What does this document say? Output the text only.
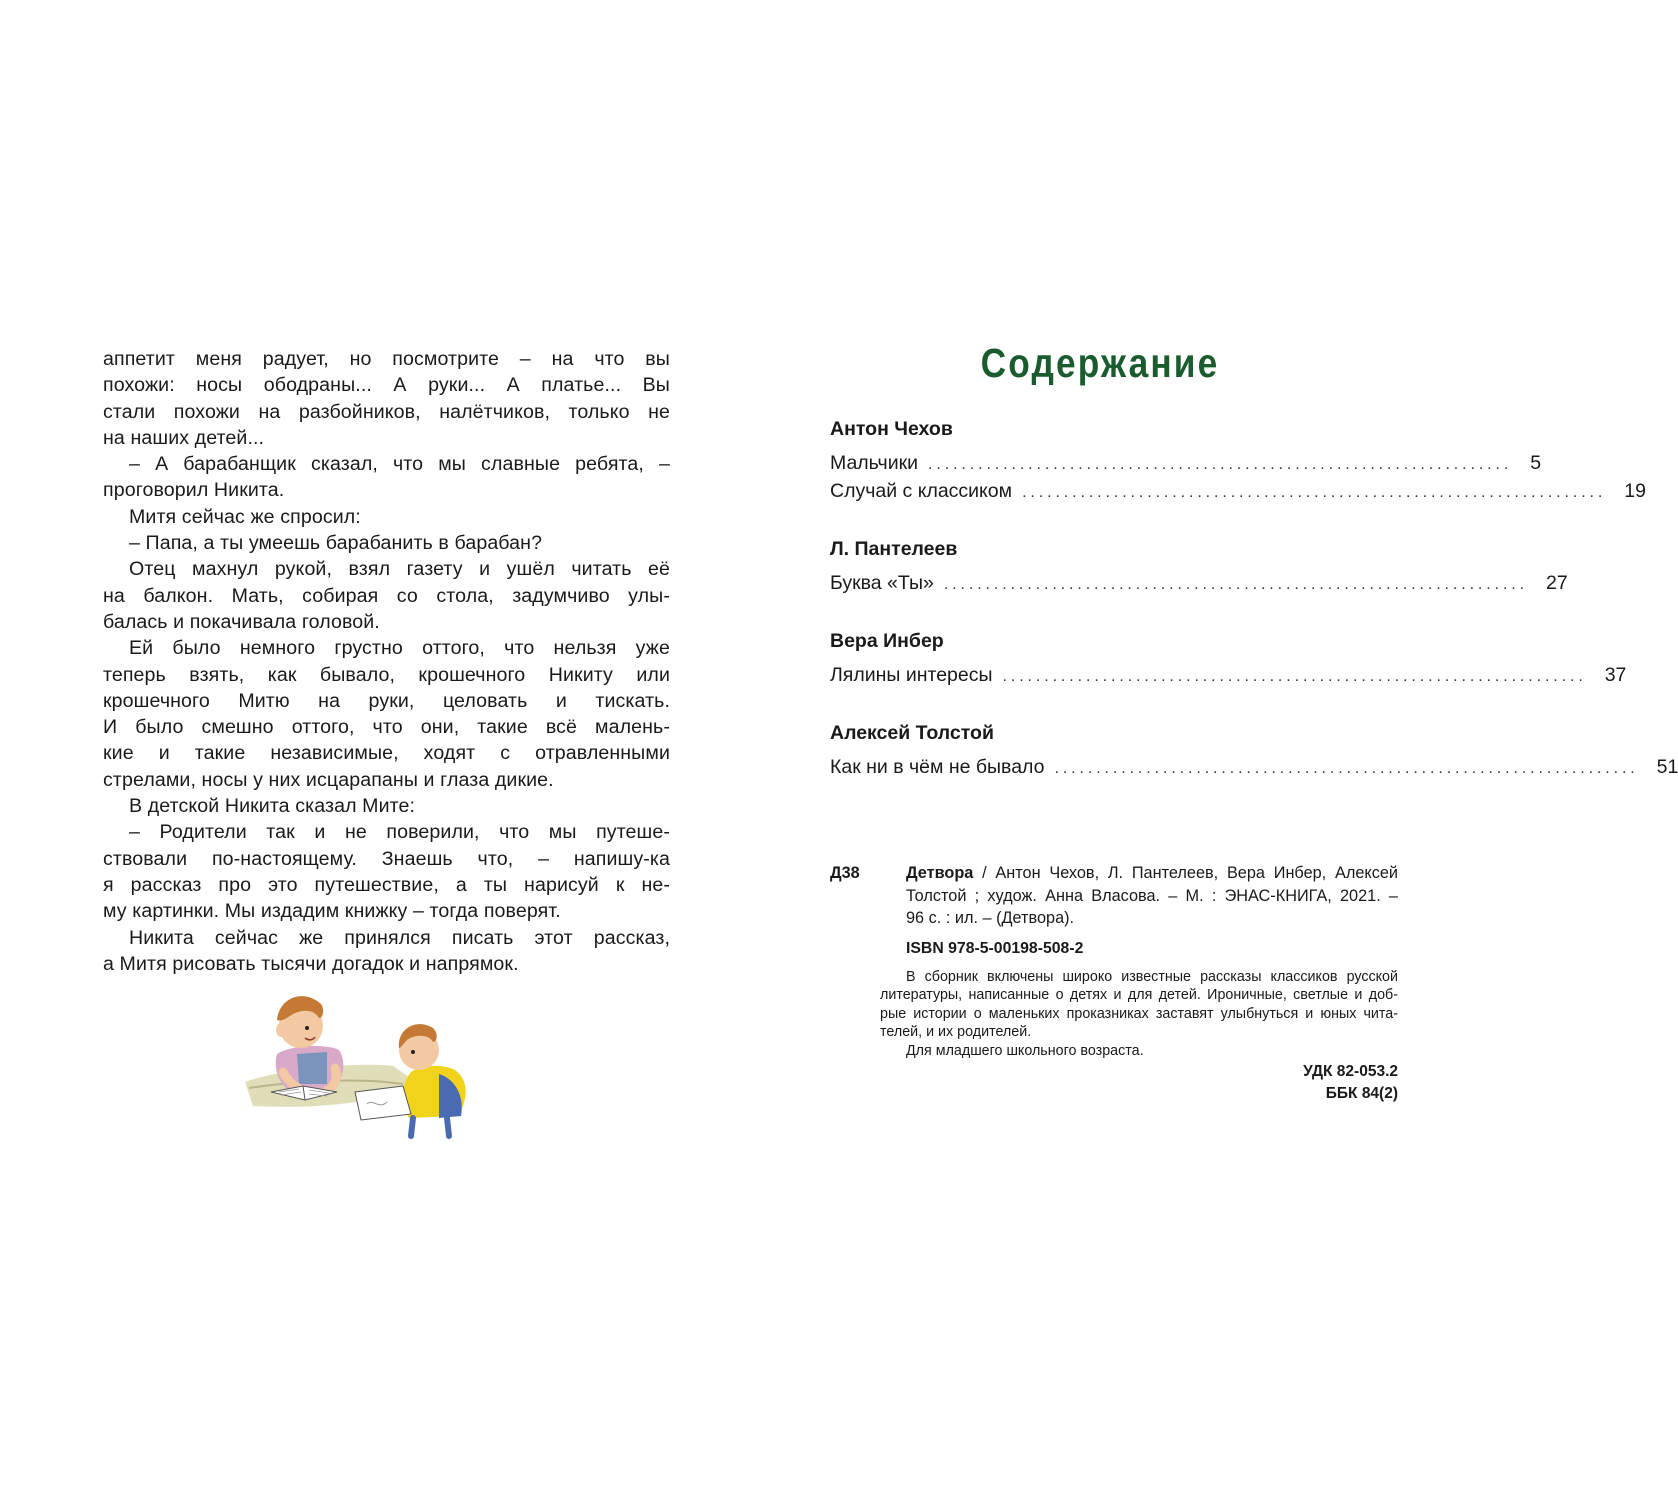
аппетит меня радует, но посмотрите – на что вы

похожи: носы ободраны... А руки... А платье... Вы

стали похожи на разбойников, налётчиков, только не

на наших детей...

– А барабанщик сказал, что мы славные ребята, –

проговорил Никита.

Митя сейчас же спросил:

– Папа, а ты умеешь барабанить в барабан?

Отец махнул рукой, взял газету и ушёл читать её

на балкон. Мать, собирая со стола, задумчиво улы-

балась и покачивала головой.

Ей было немного грустно оттого, что нельзя уже

теперь взять, как бывало, крошечного Никиту или

крошечного Митю на руки, целовать и тискать.

И было смешно оттого, что они, такие всё малень-

кие и такие независимые, ходят с отравленными

стрелами, носы у них исцарапаны и глаза дикие.

В детской Никита сказал Мите:

– Родители так и не поверили, что мы путеше-

ствовали по-настоящему. Знаешь что, – напишу-ка

я рассказ про это путешествие, а ты нарисуй к не-

му картинки. Мы издадим книжку – тогда поверят.

Никита сейчас же принялся писать этот рассказ,

а Митя рисовать тысячи догадок и напрямок.

Содержание
Антон Чехов
Мальчики ...................................................................... 5
Случай с классиком ...................................................................... 19
Л. Пантелеев
Буква «Ты» ...................................................................... 27
Вера Инбер
Лялины интересы ...................................................................... 37
Алексей Толстой
Как ни в чём не бывало ...................................................................... 51
Д38	Детвора / Антон Чехов, Л. Пантелеев, Вера Инбер, Алексей
Толстой ; худож. Анна Власова. – М. : ЭНАС-КНИГА, 2021. –
96 с. : ил. – (Детвора).
ISBN 978-5-00198-508-2
В сборник включены широко известные рассказы классиков русской
литературы, написанные о детях и для детей. Ироничные, светлые и доб-
рые истории о маленьких проказниках заставят улыбнуться и юных чита-
телей, и их родителей.
Для младшего школьного возраста.
УДК 82-053.2
ББК 84(2)
